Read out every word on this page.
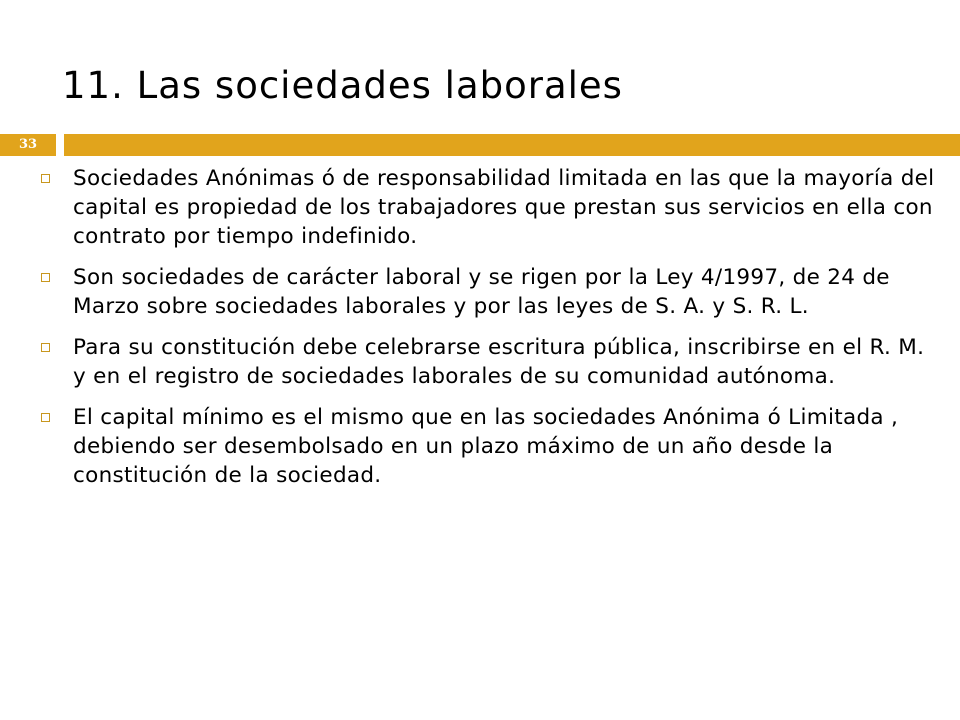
11. Las sociedades laborales
33
Sociedades Anónimas ó de responsabilidad limitada en las que la mayoría del capital es propiedad de los trabajadores que prestan sus servicios en ella con contrato por tiempo indefinido.
Son sociedades de carácter laboral y se rigen por la Ley 4/1997, de 24 de Marzo sobre sociedades laborales y por las leyes de S. A. y S. R. L.
Para su constitución debe celebrarse escritura pública, inscribirse en el R. M. y en el registro de sociedades laborales de su comunidad autónoma.
El capital mínimo es el mismo que en las sociedades Anónima ó Limitada , debiendo ser desembolsado en un plazo máximo de un año desde la constitución de la sociedad.
